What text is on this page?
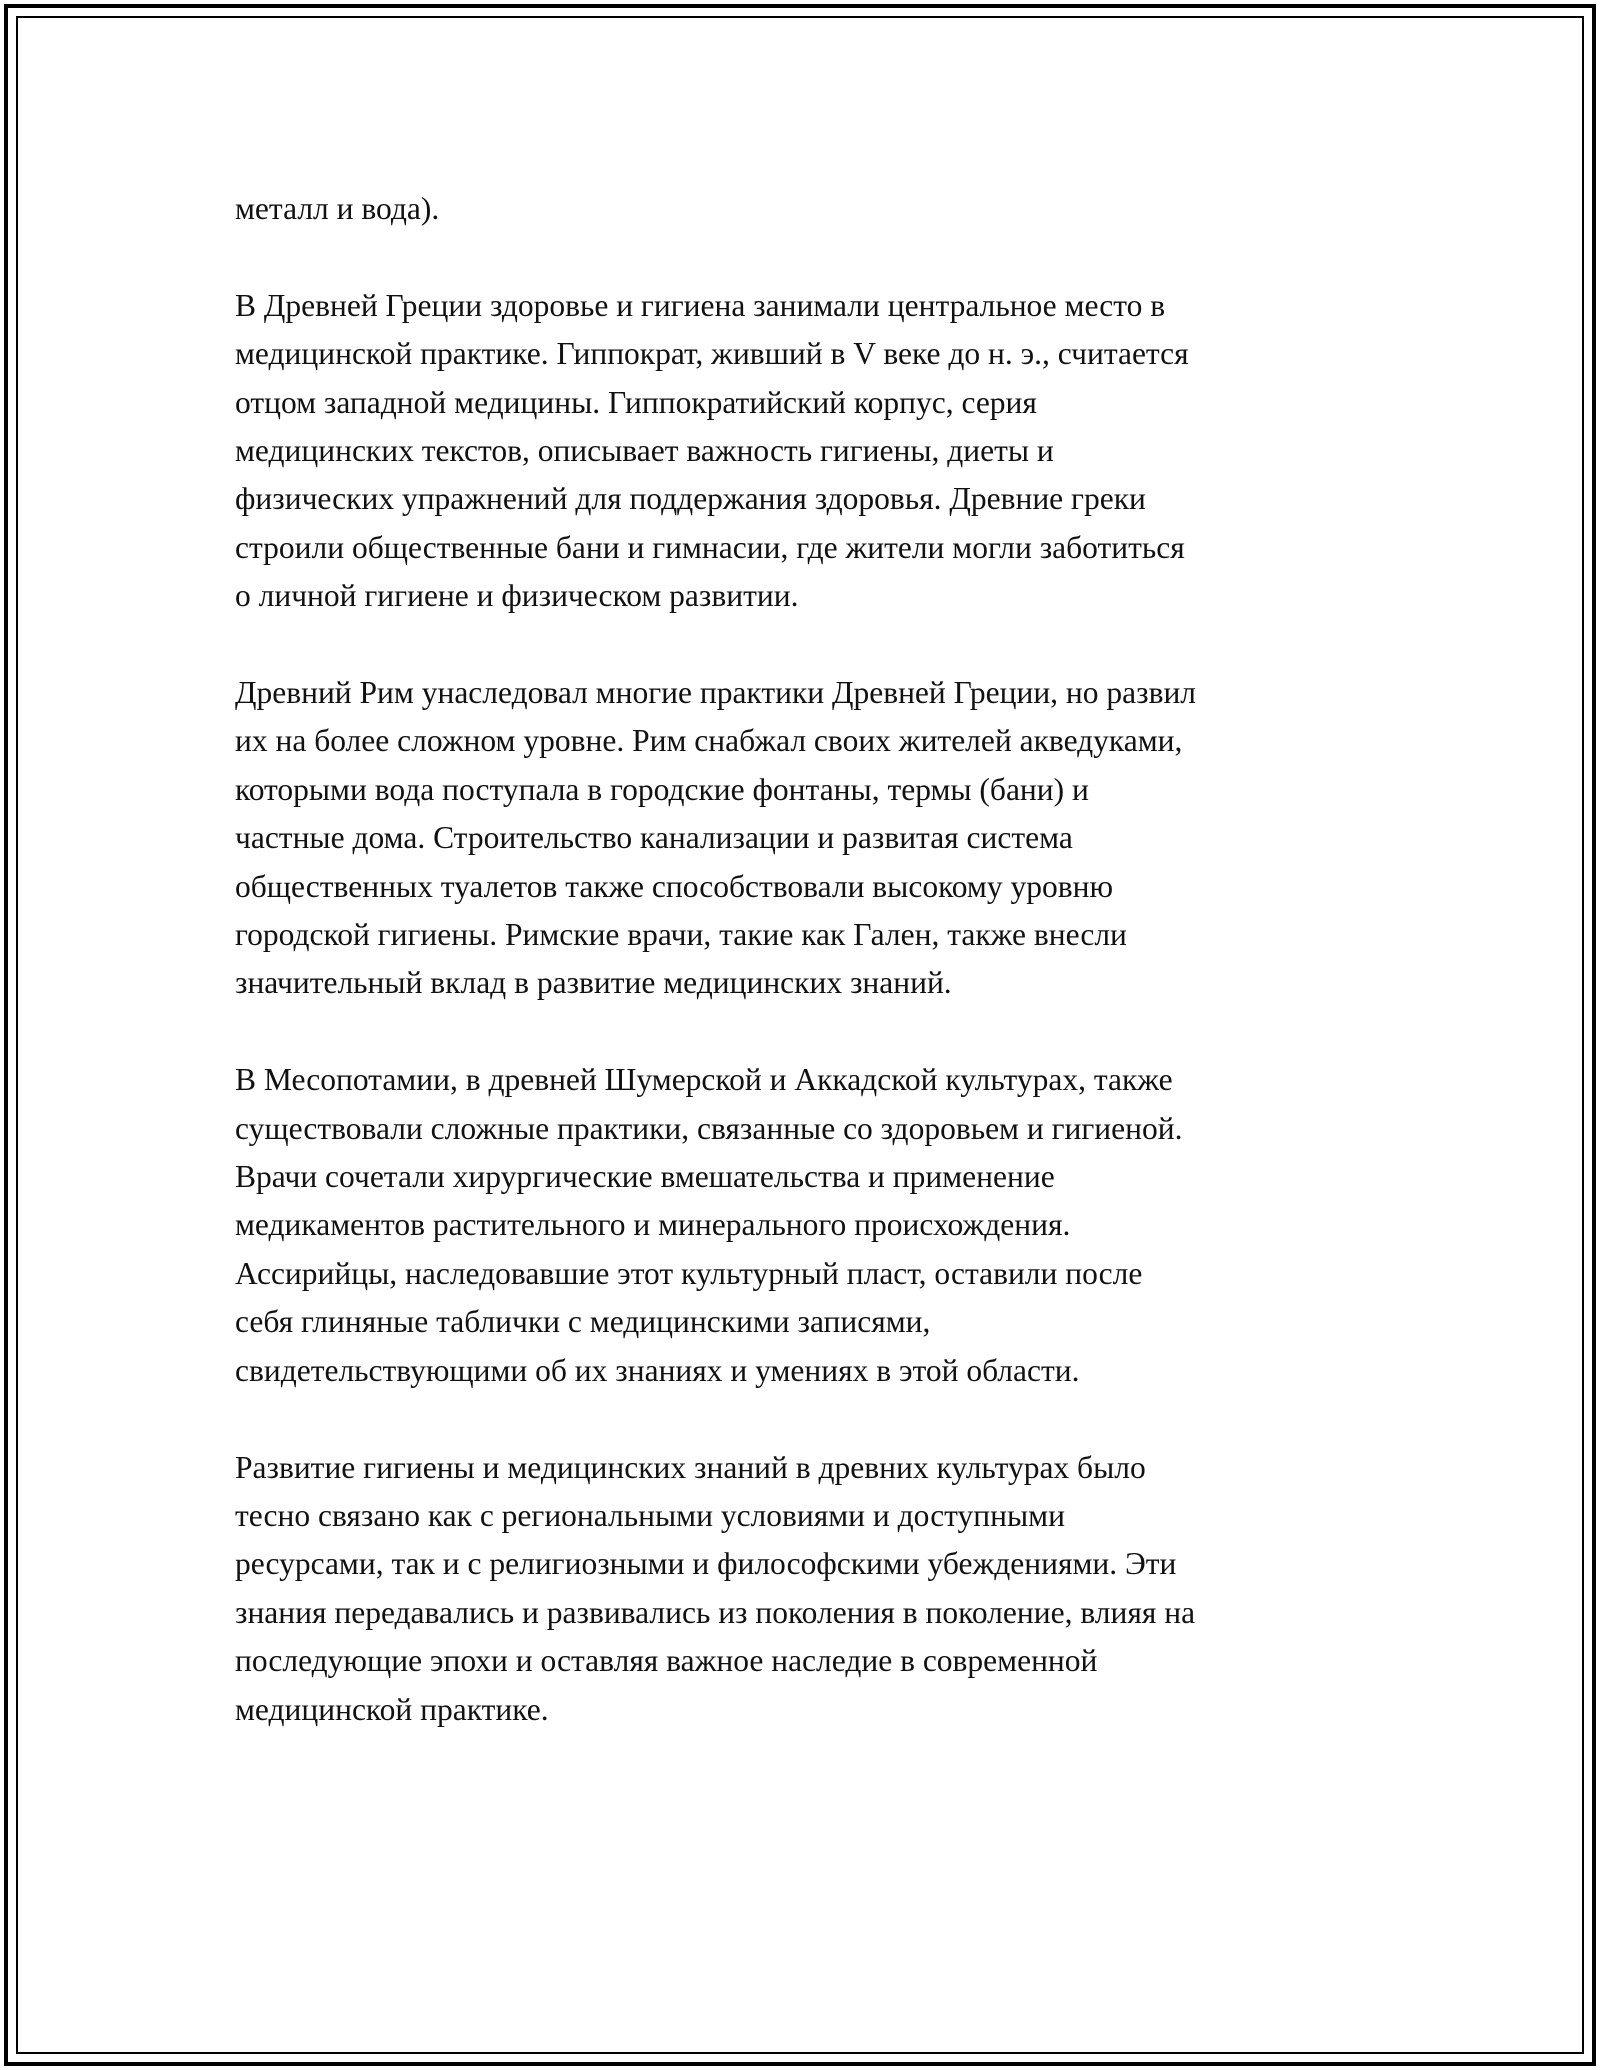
металл и вода).

В Древней Греции здоровье и гигиена занимали центральное место в
медицинской практике. Гиппократ, живший в V веке до н. э., считается
отцом западной медицины. Гиппократийский корпус, серия
медицинских текстов, описывает важность гигиены, диеты и
физических упражнений для поддержания здоровья. Древние греки
строили общественные бани и гимнасии, где жители могли заботиться
о личной гигиене и физическом развитии.

Древний Рим унаследовал многие практики Древней Греции, но развил
их на более сложном уровне. Рим снабжал своих жителей акведуками,
которыми вода поступала в городские фонтаны, термы (бани) и
частные дома. Строительство канализации и развитая система
общественных туалетов также способствовали высокому уровню
городской гигиены. Римские врачи, такие как Гален, также внесли
значительный вклад в развитие медицинских знаний.

В Месопотамии, в древней Шумерской и Аккадской культурах, также
существовали сложные практики, связанные со здоровьем и гигиеной.
Врачи сочетали хирургические вмешательства и применение
медикаментов растительного и минерального происхождения.
Ассирийцы, наследовавшие этот культурный пласт, оставили после
себя глиняные таблички с медицинскими записями,
свидетельствующими об их знаниях и умениях в этой области.

Развитие гигиены и медицинских знаний в древних культурах было
тесно связано как с региональными условиями и доступными
ресурсами, так и с религиозными и философскими убеждениями. Эти
знания передавались и развивались из поколения в поколение, влияя на
последующие эпохи и оставляя важное наследие в современной
медицинской практике.
